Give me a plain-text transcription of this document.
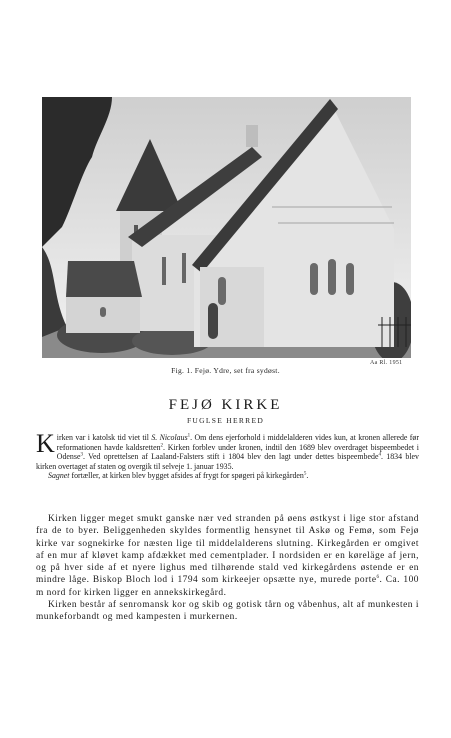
Aa Rl. 1951
Fig. 1. Fejø. Ydre, set fra sydøst.
FEJØ KIRKE
FUGLSE HERRED

Kirken var i katolsk tid viet til S. Nicolaus$^1$. Om dens ejerforhold i middelalderen vides kun, at kronen allerede før reformationen havde kaldsretten$^2$. Kirken forblev under kronen, indtil den 1689 blev overdraget bispeembedet i Odense$^3$. Ved oprettelsen af Laaland-Falsters stift i 1804 blev den lagt under dettes bispeembede$^4$. 1834 blev kirken overtaget af staten og overgik til selveje 1. januar 1935.

Sagnet fortæller, at kirken blev bygget afsides af frygt for spøgeri på kirkegården$^5$.

Kirken ligger meget smukt ganske nær ved stranden på øens østkyst i lige stor afstand fra de to byer. Beliggenheden skyldes formentlig hensynet til Askø og Femø, som Fejø kirke var sognekirke for næsten lige til middelalderens slutning. Kirkegården er omgivet af en mur af kløvet kamp afdækket med cementplader. I nordsiden er en køreläge af jern, og på hver side af et nyere lighus med tilhørende stald ved kirkegårdens østende er en mindre låge. Biskop Bloch lod i 1794 som kirkeejer opsætte nye, murede porte$^6$. Ca. 100 m nord for kirken ligger en annekskirkegård.

Kirken består af senromansk kor og skib og gotisk tårn og våbenhus, alt af munkesten i munkeforbandt og med kampesten i murkernen.
